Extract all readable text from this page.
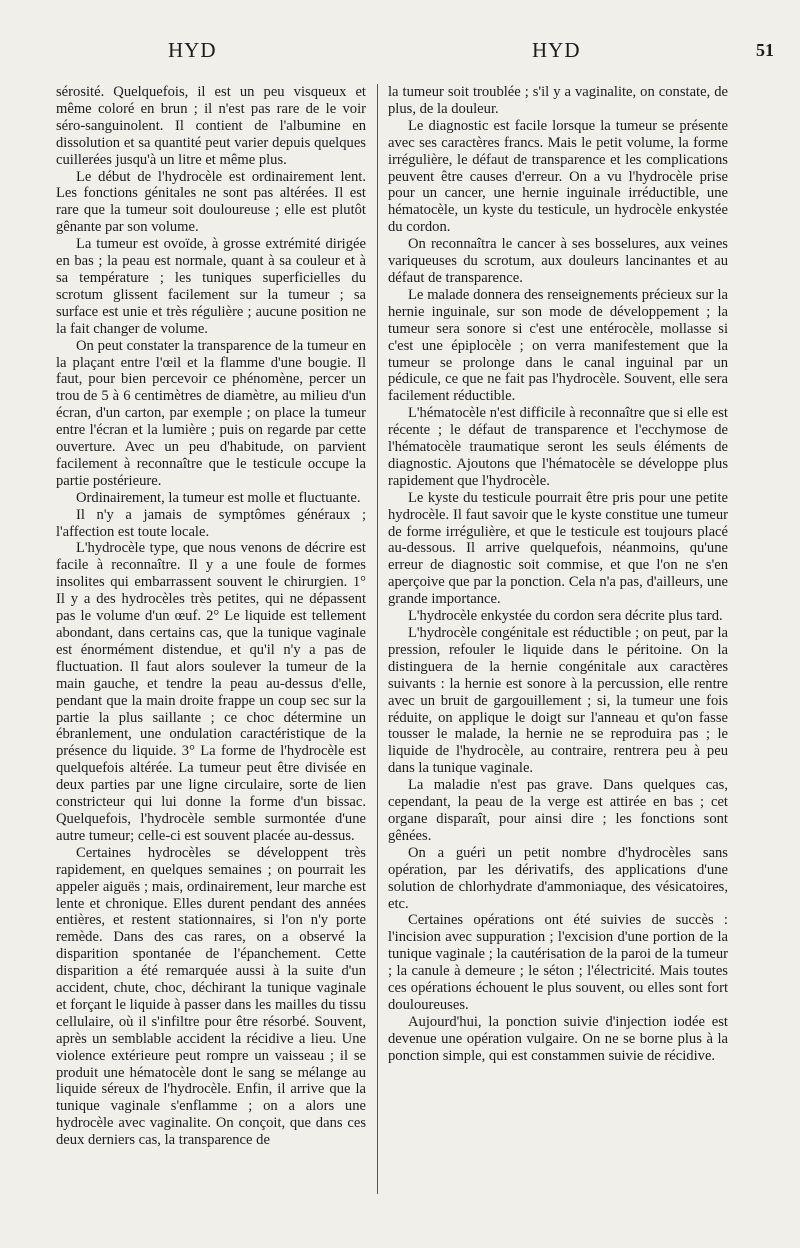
HYD	HYD	51

sérosité. Quelquefois, il est un peu visqueux et même coloré en brun ; il n'est pas rare de le voir séro-sanguinolent. Il contient de l'albumine en dissolution et sa quantité peut varier depuis quelques cuillerées jusqu'à un litre et même plus.

Le début de l'hydrocèle est ordinairement lent. Les fonctions génitales ne sont pas altérées. Il est rare que la tumeur soit douloureuse ; elle est plutôt gênante par son volume.

La tumeur est ovoïde, à grosse extrémité dirigée en bas ; la peau est normale, quant à sa couleur et à sa température ; les tuniques superficielles du scrotum glissent facilement sur la tumeur ; sa surface est unie et très régulière ; aucune position ne la fait changer de volume.

On peut constater la transparence de la tumeur en la plaçant entre l'œil et la flamme d'une bougie. Il faut, pour bien percevoir ce phénomène, percer un trou de 5 à 6 centimètres de diamètre, au milieu d'un écran, d'un carton, par exemple ; on place la tumeur entre l'écran et la lumière ; puis on regarde par cette ouverture. Avec un peu d'habitude, on parvient facilement à reconnaître que le testicule occupe la partie postérieure.

Ordinairement, la tumeur est molle et fluctuante.

Il n'y a jamais de symptômes généraux ; l'affection est toute locale.

L'hydrocèle type, que nous venons de décrire est facile à reconnaître. Il y a une foule de formes insolites qui embarrassent souvent le chirurgien. 1° Il y a des hydrocèles très petites, qui ne dépassent pas le volume d'un œuf. 2° Le liquide est tellement abondant, dans certains cas, que la tunique vaginale est énormément distendue, et qu'il n'y a pas de fluctuation. Il faut alors soulever la tumeur de la main gauche, et tendre la peau au-dessus d'elle, pendant que la main droite frappe un coup sec sur la partie la plus saillante ; ce choc détermine un ébranlement, une ondulation caractéristique de la présence du liquide. 3° La forme de l'hydrocèle est quelquefois altérée. La tumeur peut être divisée en deux parties par une ligne circulaire, sorte de lien constricteur qui lui donne la forme d'un bissac. Quelquefois, l'hydrocèle semble surmontée d'une autre tumeur; celle-ci est souvent placée au-dessus.

Certaines hydrocèles se développent très rapidement, en quelques semaines ; on pourrait les appeler aiguës ; mais, ordinairement, leur marche est lente et chronique. Elles durent pendant des années entières, et restent stationnaires, si l'on n'y porte remède. Dans des cas rares, on a observé la disparition spontanée de l'épanchement. Cette disparition a été remarquée aussi à la suite d'un accident, chute, choc, déchirant la tunique vaginale et forçant le liquide à passer dans les mailles du tissu cellulaire, où il s'infiltre pour être résorbé. Souvent, après un semblable accident la récidive a lieu. Une violence extérieure peut rompre un vaisseau ; il se produit une hématocèle dont le sang se mélange au liquide séreux de l'hydrocèle. Enfin, il arrive que la tunique vaginale s'enflamme ; on a alors une hydrocèle avec vaginalite. On conçoit, que dans ces deux derniers cas, la transparence de

la tumeur soit troublée ; s'il y a vaginalite, on constate, de plus, de la douleur.

Le diagnostic est facile lorsque la tumeur se présente avec ses caractères francs. Mais le petit volume, la forme irrégulière, le défaut de transparence et les complications peuvent être causes d'erreur. On a vu l'hydrocèle prise pour un cancer, une hernie inguinale irréductible, une hématocèle, un kyste du testicule, un hydrocèle enkystée du cordon.

On reconnaîtra le cancer à ses bosselures, aux veines variqueuses du scrotum, aux douleurs lancinantes et au défaut de transparence.

Le malade donnera des renseignements précieux sur la hernie inguinale, sur son mode de développement ; la tumeur sera sonore si c'est une entérocèle, mollasse si c'est une épiplocèle ; on verra manifestement que la tumeur se prolonge dans le canal inguinal par un pédicule, ce que ne fait pas l'hydrocèle. Souvent, elle sera facilement réductible.

L'hématocèle n'est difficile à reconnaître que si elle est récente ; le défaut de transparence et l'ecchymose de l'hématocèle traumatique seront les seuls éléments de diagnostic. Ajoutons que l'hématocèle se développe plus rapidement que l'hydrocèle.

Le kyste du testicule pourrait être pris pour une petite hydrocèle. Il faut savoir que le kyste constitue une tumeur de forme irrégulière, et que le testicule est toujours placé au-dessous. Il arrive quelquefois, néanmoins, qu'une erreur de diagnostic soit commise, et que l'on ne s'en aperçoive que par la ponction. Cela n'a pas, d'ailleurs, une grande importance.

L'hydrocèle enkystée du cordon sera décrite plus tard.

L'hydrocèle congénitale est réductible ; on peut, par la pression, refouler le liquide dans le péritoine. On la distinguera de la hernie congénitale aux caractères suivants : la hernie est sonore à la percussion, elle rentre avec un bruit de gargouillement ; si, la tumeur une fois réduite, on applique le doigt sur l'anneau et qu'on fasse tousser le malade, la hernie ne se reproduira pas ; le liquide de l'hydrocèle, au contraire, rentrera peu à peu dans la tunique vaginale.

La maladie n'est pas grave. Dans quelques cas, cependant, la peau de la verge est attirée en bas ; cet organe disparaît, pour ainsi dire ; les fonctions sont gênées.

On a guéri un petit nombre d'hydrocèles sans opération, par les dérivatifs, des applications d'une solution de chlorhydrate d'ammoniaque, des vésicatoires, etc.

Certaines opérations ont été suivies de succès : l'incision avec suppuration ; l'excision d'une portion de la tunique vaginale ; la cautérisation de la paroi de la tumeur ; la canule à demeure ; le séton ; l'électricité. Mais toutes ces opérations échouent le plus souvent, ou elles sont fort douloureuses.

Aujourd'hui, la ponction suivie d'injection iodée est devenue une opération vulgaire. On ne se borne plus à la ponction simple, qui est constammen suivie de récidive.
